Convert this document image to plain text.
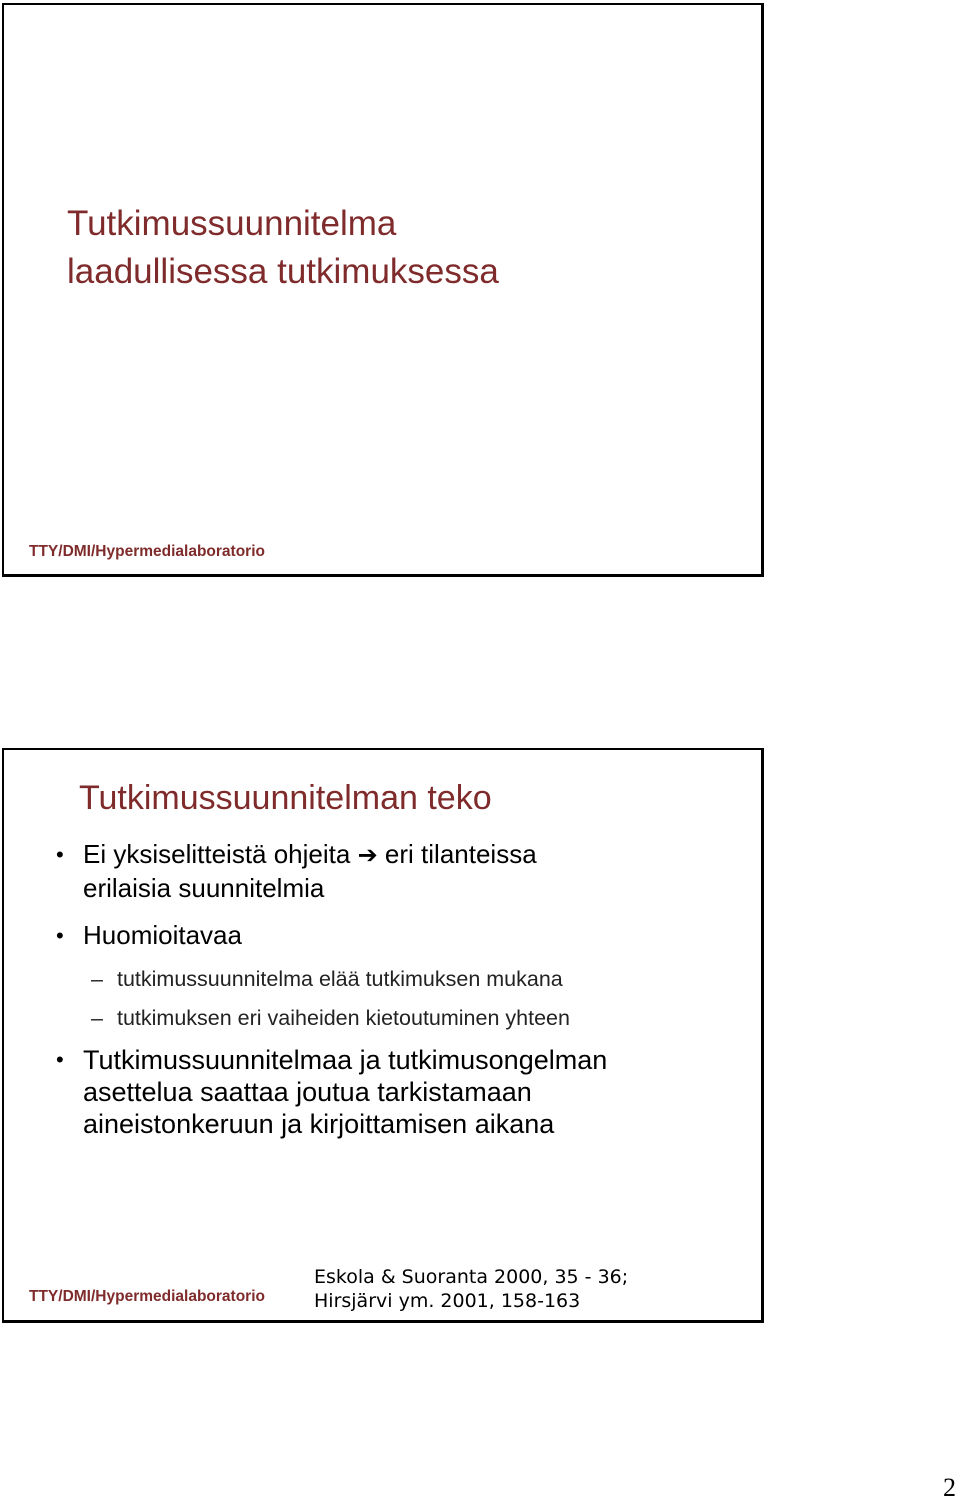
Tutkimussuunnitelma
laadullisessa tutkimuksessa
TTY/DMI/Hypermedialaboratorio
Tutkimussuunnitelman teko
• Ei yksiselitteistä ohjeita ➔ eri tilanteissa
erilaisia suunnitelmia
• Huomioitavaa
– tutkimussuunnitelma elää tutkimuksen mukana
– tutkimuksen eri vaiheiden kietoutuminen yhteen
• Tutkimussuunnitelmaa ja tutkimusongelman
asettelua saattaa joutua tarkistamaan
aineistonkeruun ja kirjoittamisen aikana
TTY/DMI/Hypermedialaboratorio
Eskola & Suoranta 2000, 35 - 36;
Hirsjärvi ym. 2001, 158-163
2
